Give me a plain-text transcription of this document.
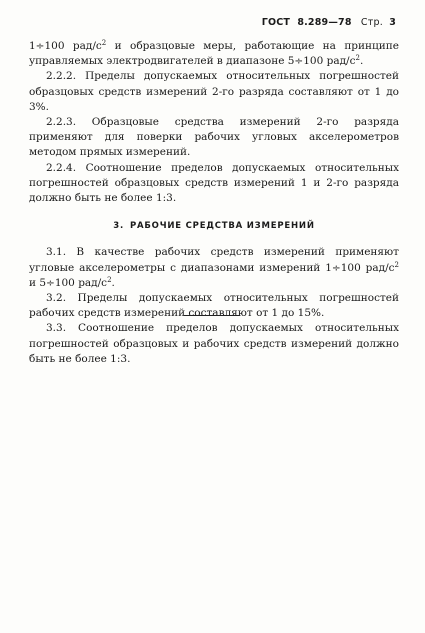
ГОСТ 8.289—78 Стр. 3

1÷100 рад/$с^2$ и образцовые меры, работающие на принципе управляемых электродвигателей в диапазоне 5÷100 рад/$с^2$.

2.2.2. Пределы допускаемых относительных погрешностей образцовых средств измерений 2-го разряда составляют от 1 до 3%.

2.2.3. Образцовые средства измерений 2-го разряда применяют для поверки рабочих угловых акселерометров методом прямых измерений.

2.2.4. Соотношение пределов допускаемых относительных погрешностей образцовых средств измерений 1 и 2-го разряда должно быть не более 1:3.

3. РАБОЧИЕ СРЕДСТВА ИЗМЕРЕНИЙ

3.1. В качестве рабочих средств измерений применяют угловые акселерометры с диапазонами измерений 1÷100 рад/$с^2$ и 5÷100 рад/$с^2$.

3.2. Пределы допускаемых относительных погрешностей рабочих средств измерений составляют от 1 до 15%.

3.3. Соотношение пределов допускаемых относительных погрешностей образцовых и рабочих средств измерений должно быть не более 1:3.
